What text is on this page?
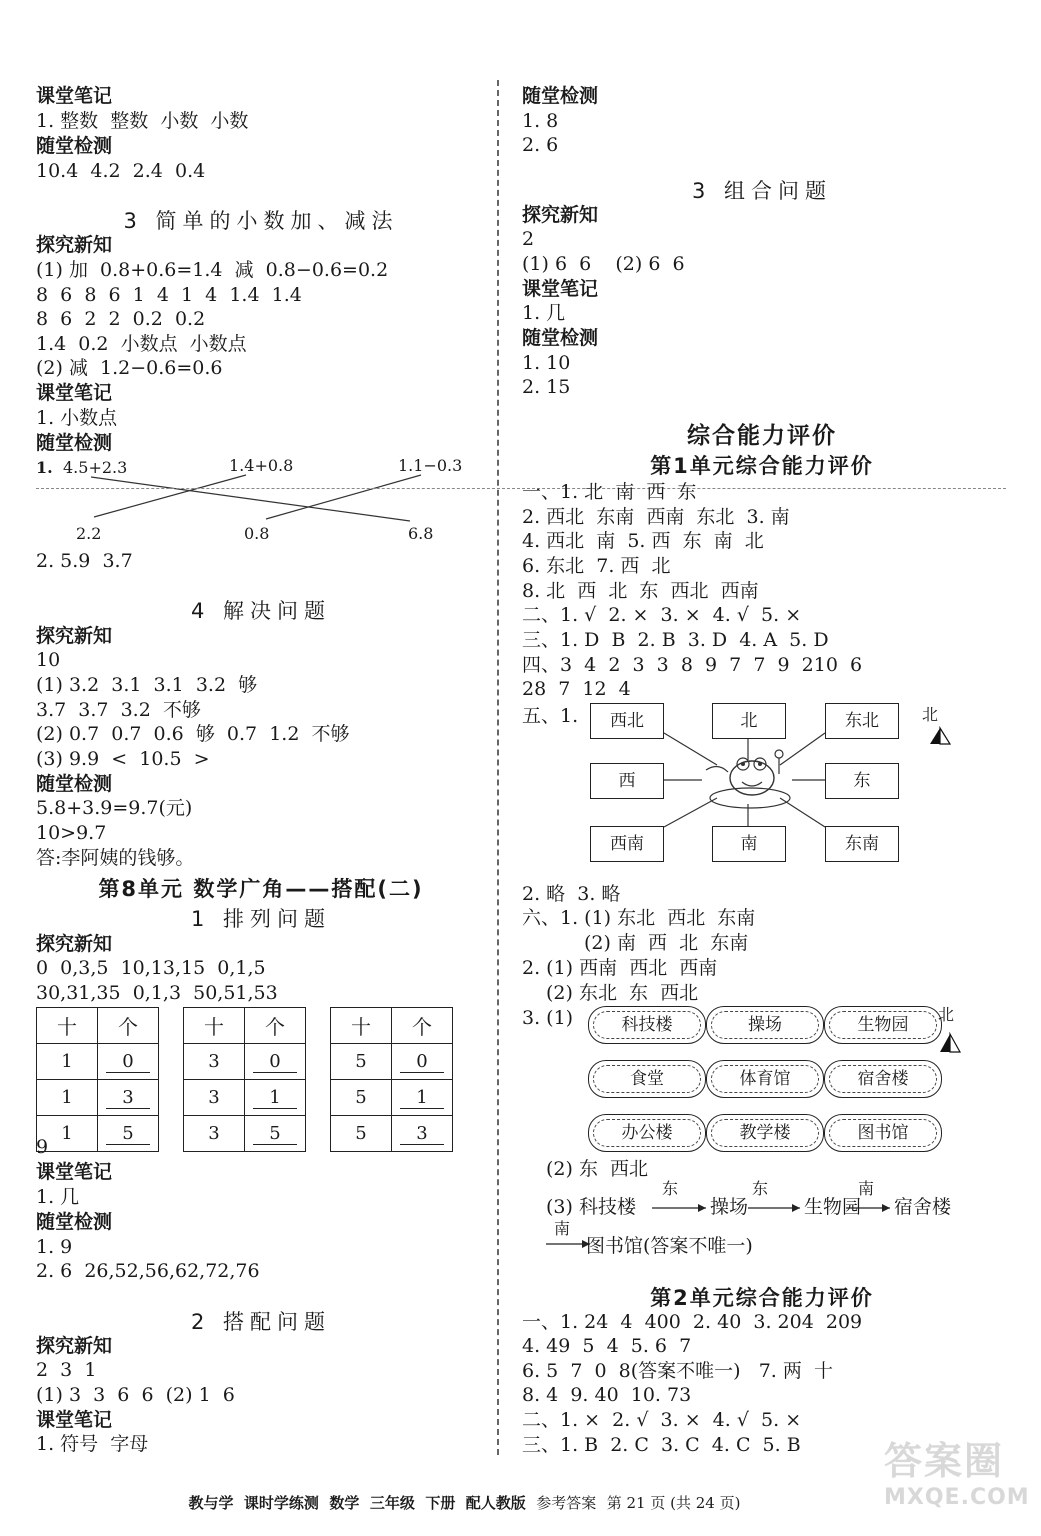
课堂笔记
1. 整数  整数  小数  小数
随堂检测
10.4  4.2  2.4  0.4
3 简单的小数加、减法
探究新知
(1) 加  0.8+0.6=1.4  减  0.8−0.6=0.2
8  6  8  6  1  4  1  4  1.4  1.4
8  6  2  2  0.2  0.2
1.4  0.2  小数点  小数点
(2) 减  1.2−0.6=0.6
课堂笔记
1. 小数点
随堂检测
1. 4.5+2.3	1.4+0.8	1.1−0.3
2.2	0.8	6.8
2. 5.9  3.7
4 解决问题
探究新知
10
(1) 3.2  3.1  3.1  3.2  够
3.7  3.7  3.2  不够
(2) 0.7  0.7  0.6  够  0.7  1.2  不够
(3) 9.9  <  10.5  >
随堂检测
5.8+3.9=9.7(元)
10>9.7
答:李阿姨的钱够。
第8单元 数学广角——搭配(二)
1 排列问题
探究新知
0  0,3,5  10,13,15  0,1,5
30,31,35  0,1,3  50,51,53
十	个
1	0
1	3
1	5
十	个
3	0
3	1
3	5
十	个
5	0
5	1
5	3
9
课堂笔记
1. 几
随堂检测
1. 9
2. 6  26,52,56,62,72,76
2 搭配问题
探究新知
2  3  1
(1) 3  3  6  6  (2) 1  6
课堂笔记
1. 符号  字母
随堂检测
1. 8
2. 6
3 组合问题
探究新知
2
(1) 6  6    (2) 6  6
课堂笔记
1. 几
随堂检测
1. 10
2. 15
综合能力评价
第1单元综合能力评价
一、1. 北  南  西  东
2. 西北  东南  西南  东北  3. 南
4. 西北  南  5. 西  东  南  北
6. 东北  7. 西  北
8. 北  西  北  东  西北  西南
二、1. √  2. ×  3. ×  4. √  5. ×
三、1. D  B  2. B  3. D  4. A  5. D
四、3  4  2  3  3  8  9  7  7  9  210  6
28  7  12  4
五、1.	北
西北	北	东北
西	东
西南	南	东南
2. 略  3. 略
六、1. (1) 东北  西北  东南
(2) 南  西  北  东南
2. (1) 西南  西北  西南
(2) 东北  东  西北
3. (1)	科技楼	操场	生物园
食堂	体育馆	宿舍楼
办公楼	教学楼	图书馆
北
(2) 东  西北
(3) 科技楼	操场	生物园 宿舍楼
东	东	南
南
图书馆(答案不唯一)
第2单元综合能力评价
一、1. 24  4  400  2. 40  3. 204  209
4. 49  5  4  5. 6  7
6. 5  7  0  8(答案不唯一)   7. 两  十
8. 4  9. 40  10. 73
二、1. ×  2. √  3. ×  4. √  5. ×
三、1. B  2. C  3. C  4. C  5. B

教与学 课时学练测 数学 三年级 下册 配人教版 参考答案 第 21 页 (共 24 页)

答案圈
MXQE.COM
